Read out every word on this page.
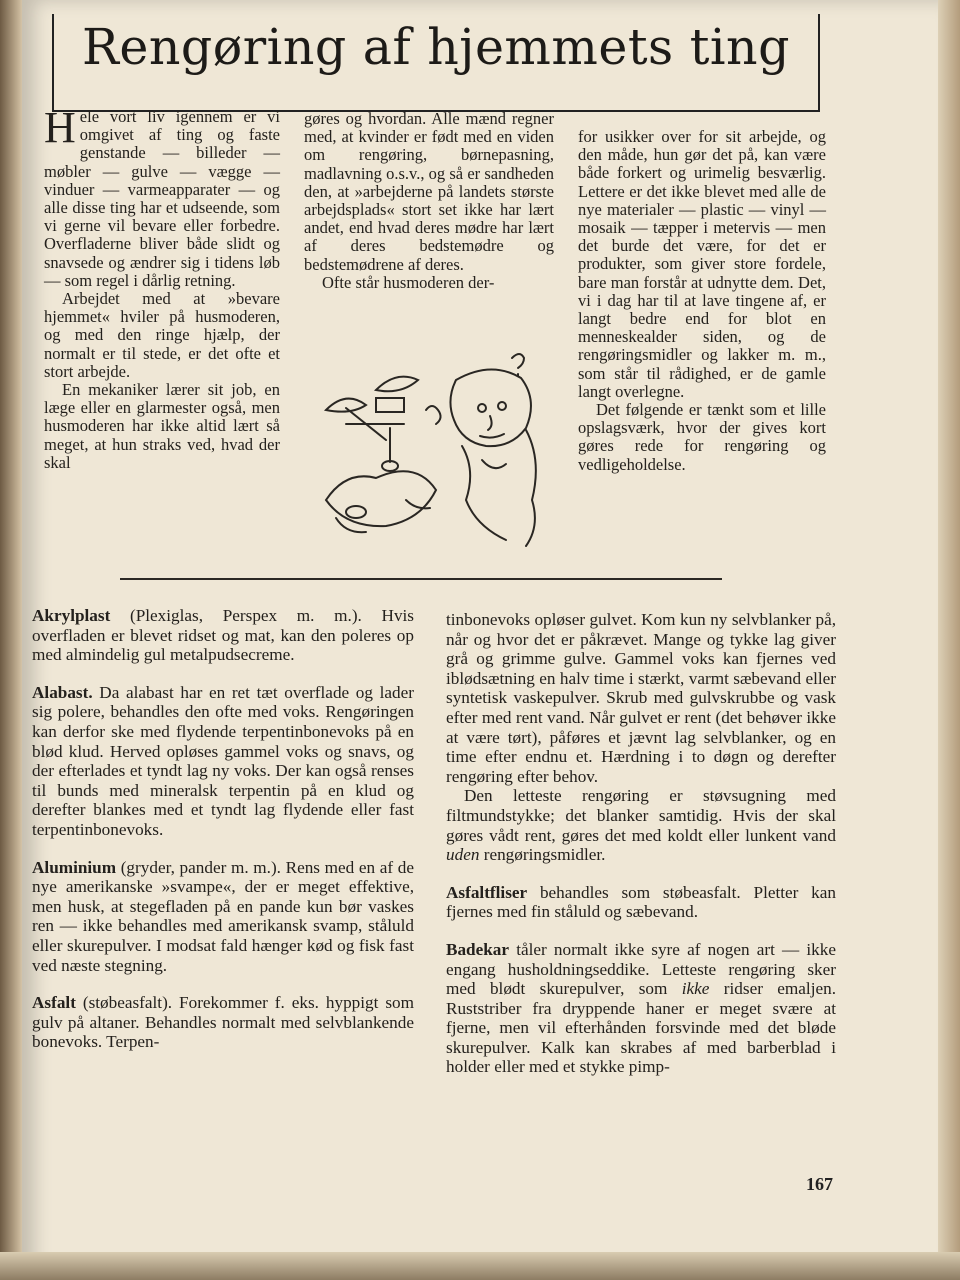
Rengøring af hjemmets ting

Hele vort liv igennem er vi omgivet af ting og faste genstande — billeder — møbler — gulve — vægge — vinduer — varmeapparater — og alle disse ting har et udseende, som vi gerne vil bevare eller forbedre. Overfladerne bliver både slidt og snavsede og ændrer sig i tidens løb — som regel i dårlig retning.

Arbejdet med at »bevare hjemmet« hviler på husmoderen, og med den ringe hjælp, der normalt er til stede, er det ofte et stort arbejde.

En mekaniker lærer sit job, en læge eller en glarmester også, men husmoderen har ikke altid lært så meget, at hun straks ved, hvad der skal

gøres og hvordan. Alle mænd regner med, at kvinder er født med en viden om rengøring, børnepasning, madlavning o.s.v., og så er sandheden den, at »arbejderne på landets største arbejdsplads« stort set ikke har lært andet, end hvad deres mødre har lært af deres bedstemødre og bedstemødrene af deres.

Ofte står husmoderen der-

for usikker over for sit arbejde, og den måde, hun gør det på, kan være både forkert og urimelig besværlig. Lettere er det ikke blevet med alle de nye materialer — plastic — vinyl — mosaik — tæpper i metervis — men det burde det være, for det er produkter, som giver store fordele, bare man forstår at udnytte dem. Det, vi i dag har til at lave tingene af, er langt bedre end for blot en menneskealder siden, og de rengøringsmidler og lakker m. m., som står til rådighed, er de gamle langt overlegne.

Det følgende er tænkt som et lille opslagsværk, hvor der gives kort gøres rede for rengøring og vedligeholdelse.

Akrylplast (Plexiglas, Perspex m. m.). Hvis overfladen er blevet ridset og mat, kan den poleres op med almindelig gul metalpudsecreme.

Alabast. Da alabast har en ret tæt overflade og lader sig polere, behandles den ofte med voks. Rengøringen kan derfor ske med flydende terpentinbonevoks på en blød klud. Herved opløses gammel voks og snavs, og der efterlades et tyndt lag ny voks. Der kan også renses til bunds med mineralsk terpentin på en klud og derefter blankes med et tyndt lag flydende eller fast terpentinbonevoks.

Aluminium (gryder, pander m. m.). Rens med en af de nye amerikanske »svampe«, der er meget effektive, men husk, at stegefladen på en pande kun bør vaskes ren — ikke behandles med amerikansk svamp, ståluld eller skurepulver. I modsat fald hænger kød og fisk fast ved næste stegning.

Asfalt (støbeasfalt). Forekommer f. eks. hyppigt som gulv på altaner. Behandles normalt med selvblankende bonevoks. Terpen-

tinbonevoks opløser gulvet. Kom kun ny selvblanker på, når og hvor det er påkrævet. Mange og tykke lag giver grå og grimme gulve. Gammel voks kan fjernes ved iblødsætning en halv time i stærkt, varmt sæbevand eller syntetisk vaskepulver. Skrub med gulvskrubbe og vask efter med rent vand. Når gulvet er rent (det behøver ikke at være tørt), påføres et jævnt lag selvblanker, og en time efter endnu et. Hærdning i to døgn og derefter rengøring efter behov.

Den letteste rengøring er støvsugning med filtmundstykke; det blanker samtidig. Hvis der skal gøres vådt rent, gøres det med koldt eller lunkent vand uden rengøringsmidler.

Asfaltfliser behandles som støbeasfalt. Pletter kan fjernes med fin ståluld og sæbevand.

Badekar tåler normalt ikke syre af nogen art — ikke engang husholdningseddike. Letteste rengøring sker med blødt skurepulver, som ikke ridser emaljen. Ruststriber fra dryppende haner er meget svære at fjerne, men vil efterhånden forsvinde med det bløde skurepulver. Kalk kan skrabes af med barberblad i holder eller med et stykke pimp-

167
